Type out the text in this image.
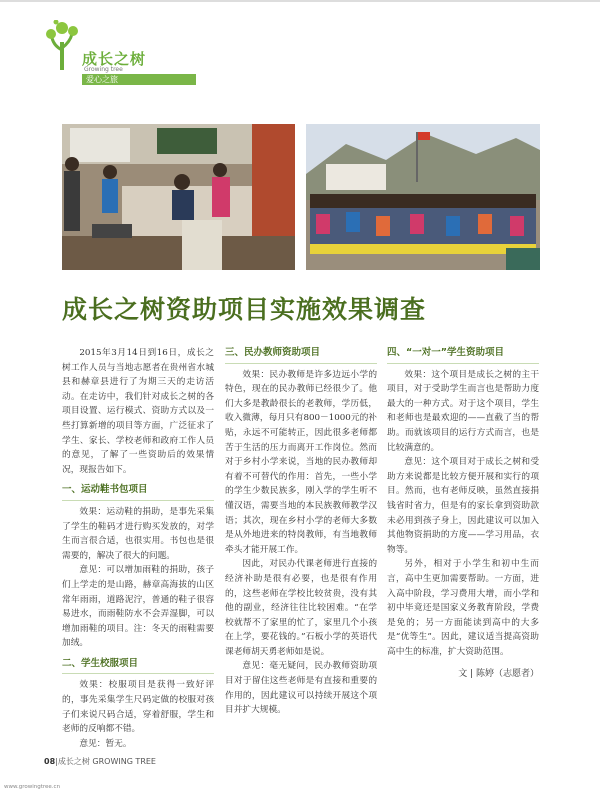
成长之树
Growing tree
爱心之旅
成长之树资助项目实施效果调查

2015年3月14日到16日，成长之树工作人员与当地志愿者在贵州省水城县和赫章县进行了为期三天的走访活动。在走访中，我们针对成长之树的各项目设置、运行模式、资助方式以及一些打算新增的项目等方面，广泛征求了学生、家长、学校老师和政府工作人员的意见，了解了一些资助后的效果情况，现报告如下。

一、运动鞋书包项目

效果：运动鞋的捐助，是事先采集了学生的鞋码才进行购买发放的，对学生而言很合适，也很实用。书包也是很需要的，解决了很大的问题。

意见：可以增加雨鞋的捐助，孩子们上学走的是山路，赫章高海拔的山区常年雨雨，道路泥泞，普通的鞋子很容易进水，而雨鞋防水不会弄湿脚，可以增加雨鞋的项目。注：冬天的雨鞋需要加绒。

二、学生校服项目

效果：校服项目是获得一致好评的，事先采集学生尺码定做的校服对孩子们来说尺码合适，穿着舒服，学生和老师的反响都不错。

意见：暂无。

三、民办教师资助项目

效果：民办教师是许多边远小学的特色，现在的民办教师已经很少了。他们大多是教龄很长的老教师，学历低，收入微薄，每月只有800－1000元的补贴，永远不可能转正，因此很多老师都苦于生活的压力而离开工作岗位。然而对于乡村小学来说，当地的民办教师却有着不可替代的作用：首先，一些小学的学生少数民族多，刚入学的学生听不懂汉语，需要当地的本民族教师教学汉语；其次，现在乡村小学的老师大多数是从外地进来的特岗教师，有当地教师牵头才能开展工作。

因此，对民办代课老师进行直接的经济补助是很有必要，也是很有作用的，这些老师在学校比较贫贵，没有其他的副业，经济往往比较困难。“在学校就帮不了家里的忙了，家里几个小孩在上学，要花钱的。”石板小学的英语代课老师胡天勇老师如是说。

意见：毫无疑问，民办教师资助项目对于留住这些老师是有直接和重要的作用的，因此建议可以持续开展这个项目并扩大规模。

四、“一对一”学生资助项目

效果：这个项目是成长之树的主干项目，对于受助学生而言也是帮助力度最大的一种方式。对于这个项目，学生和老师也是最欢迎的——直截了当的帮助。而就该项目的运行方式而言，也是比较满意的。

意见：这个项目对于成长之树和受助方来说都是比较方便开展和实行的项目。然而，也有老师反映，虽然直接捐钱省时省力，但是有的家长拿到资助款未必用到孩子身上，因此建议可以加入其他物资捐助的方度——学习用品，衣物等。

另外，相对于小学生和初中生而言，高中生更加需要帮助。一方面，进入高中阶段，学习费用大增，而小学和初中毕竟还是国家义务教育阶段，学费是免的；另一方面能读到高中的大多是“优等生”。因此，建议适当提高资助高中生的标准，扩大资助范围。

文 | 陈婷（志愿者）
08|成长之树 GROWING TREE
www.growingtree.cn
